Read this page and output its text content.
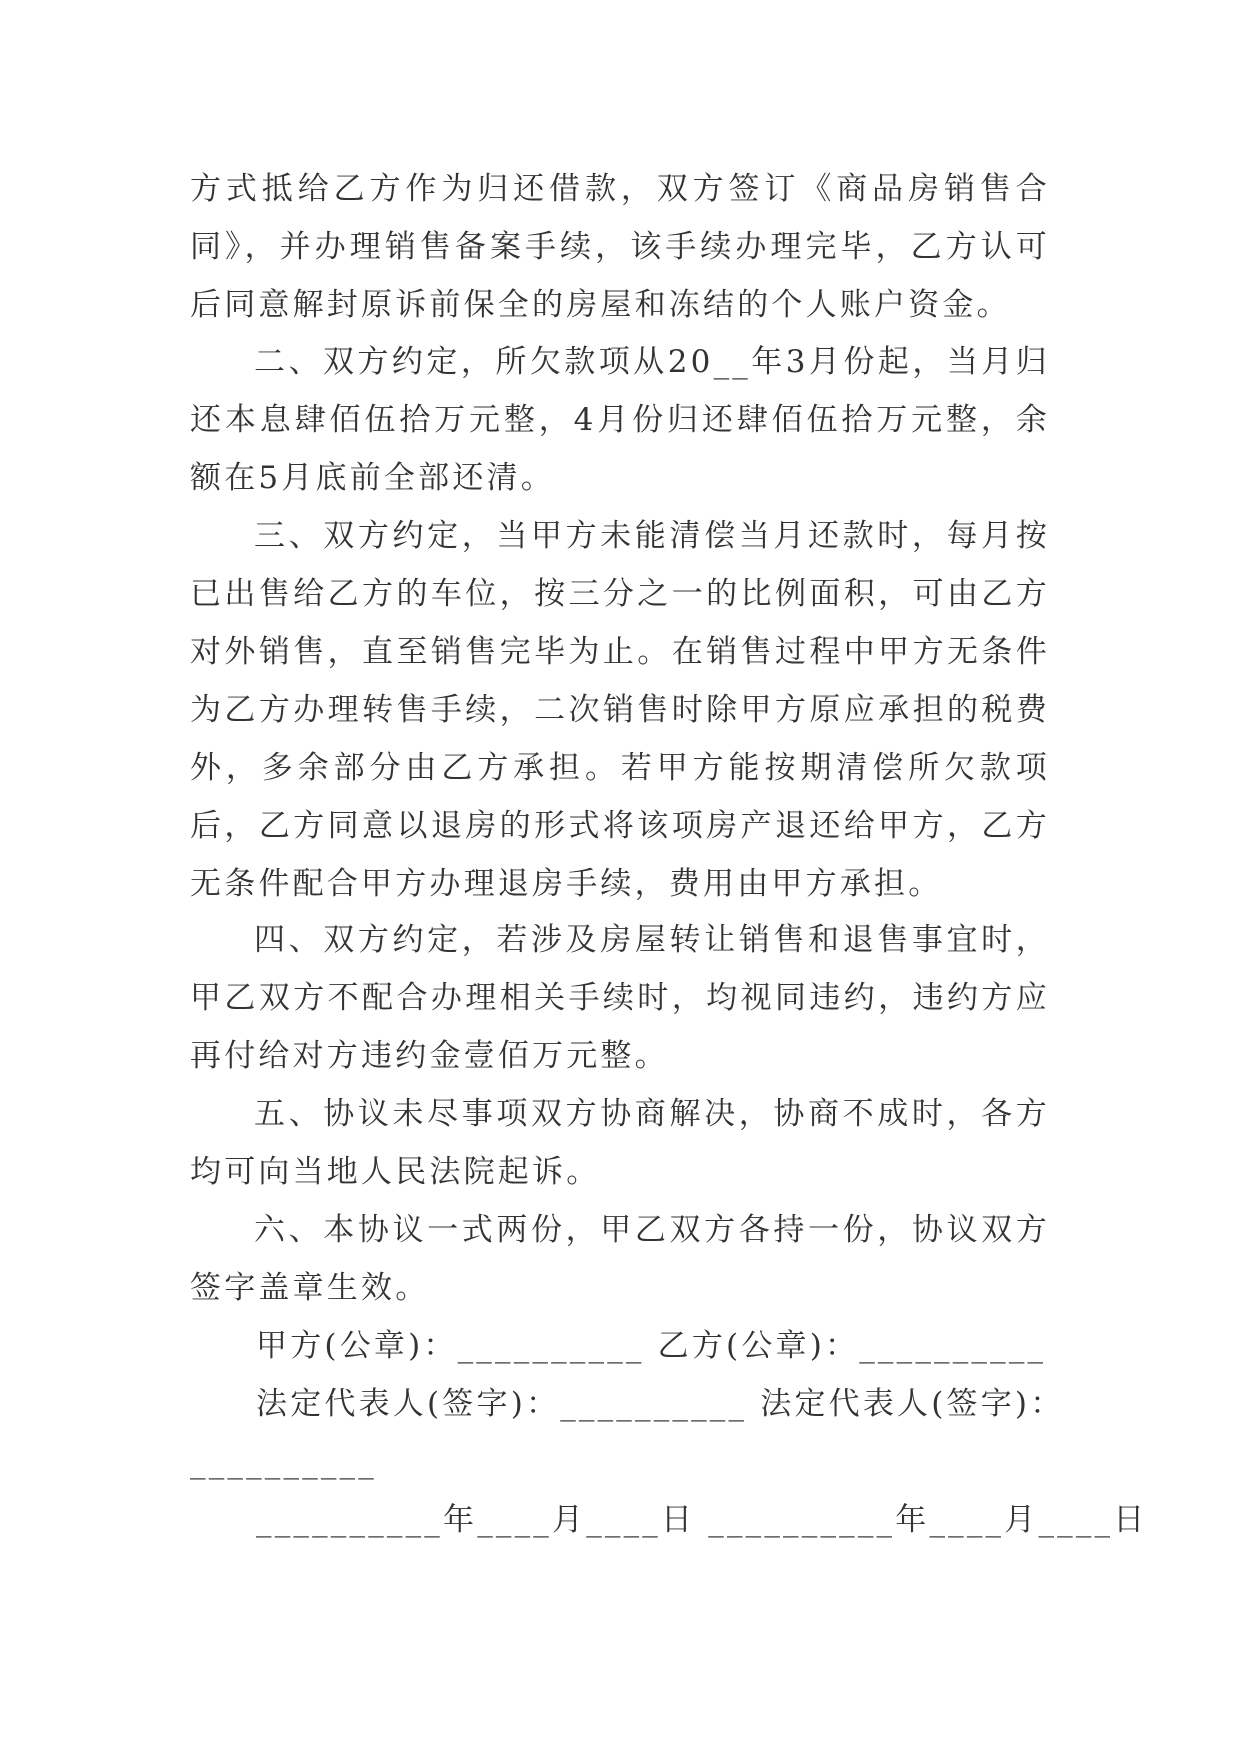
方式抵给乙方作为归还借款，双方签订《商品房销售合同》，并办理销售备案手续，该手续办理完毕，乙方认可后同意解封原诉前保全的房屋和冻结的个人账户资金。

二、双方约定，所欠款项从20__年3月份起，当月归还本息肆佰伍拾万元整，4月份归还肆佰伍拾万元整，余额在5月底前全部还清。

三、双方约定，当甲方未能清偿当月还款时，每月按已出售给乙方的车位，按三分之一的比例面积，可由乙方对外销售，直至销售完毕为止。在销售过程中甲方无条件为乙方办理转售手续，二次销售时除甲方原应承担的税费外，多余部分由乙方承担。若甲方能按期清偿所欠款项后，乙方同意以退房的形式将该项房产退还给甲方，乙方无条件配合甲方办理退房手续，费用由甲方承担。

四、双方约定，若涉及房屋转让销售和退售事宜时，甲乙双方不配合办理相关手续时，均视同违约，违约方应再付给对方违约金壹佰万元整。

五、协议未尽事项双方协商解决，协商不成时，各方均可向当地人民法院起诉。

六、本协议一式两份，甲乙双方各持一份，协议双方签字盖章生效。

甲方(公章)：__________ 乙方(公章)：__________

法定代表人(签字)：__________ 法定代表人(签字)：

__________

__________年____月____日 __________年____月____日
